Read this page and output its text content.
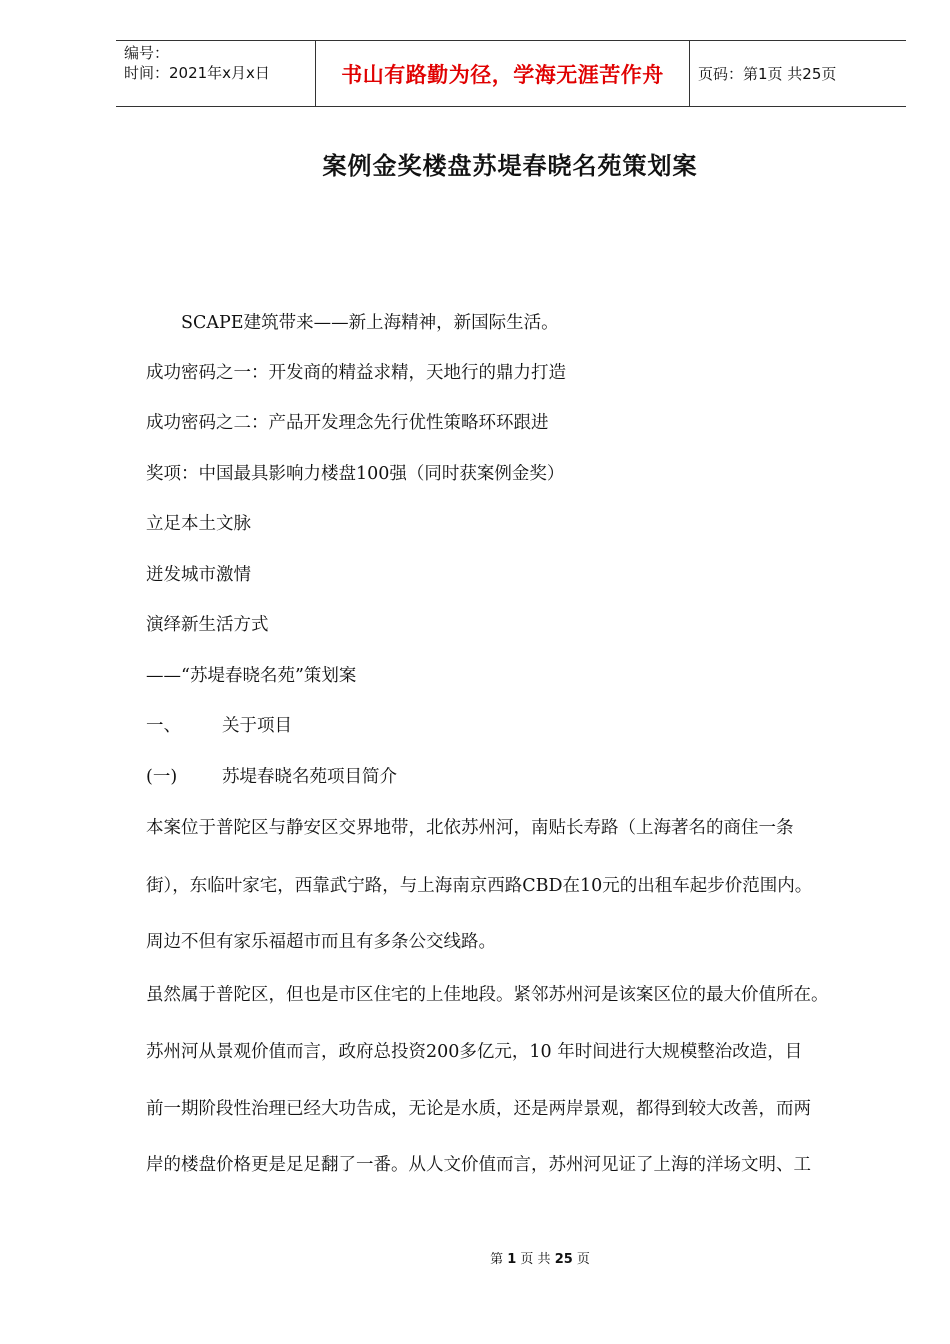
编号：
时间：2021年x月x日	书山有路勤为径，学海无涯苦作舟 页码：第1页 共25页
案例金奖楼盘苏堤春晓名苑策划案
SCAPE建筑带来——新上海精神，新国际生活。
成功密码之一：开发商的精益求精，天地行的鼎力打造
成功密码之二：产品开发理念先行优性策略环环跟进
奖项：中国最具影响力楼盘100强（同时获案例金奖）
立足本土文脉
迸发城市激情
演绎新生活方式
——“苏堤春晓名苑”策划案
一、 关于项目
(一)	苏堤春晓名苑项目简介
本案位于普陀区与静安区交界地带，北依苏州河，南贴长寿路（上海著名的商住一条
街），东临叶家宅，西靠武宁路，与上海南京西路CBD在10元的出租车起步价范围内。
周边不但有家乐福超市而且有多条公交线路。
虽然属于普陀区，但也是市区住宅的上佳地段。紧邻苏州河是该案区位的最大价值所在。
苏州河从景观价值而言，政府总投资200多亿元，10 年时间进行大规模整治改造，目
前一期阶段性治理已经大功告成，无论是水质，还是两岸景观，都得到较大改善，而两
岸的楼盘价格更是足足翻了一番。从人文价值而言，苏州河见证了上海的洋场文明、工
第 1 页 共 25 页
